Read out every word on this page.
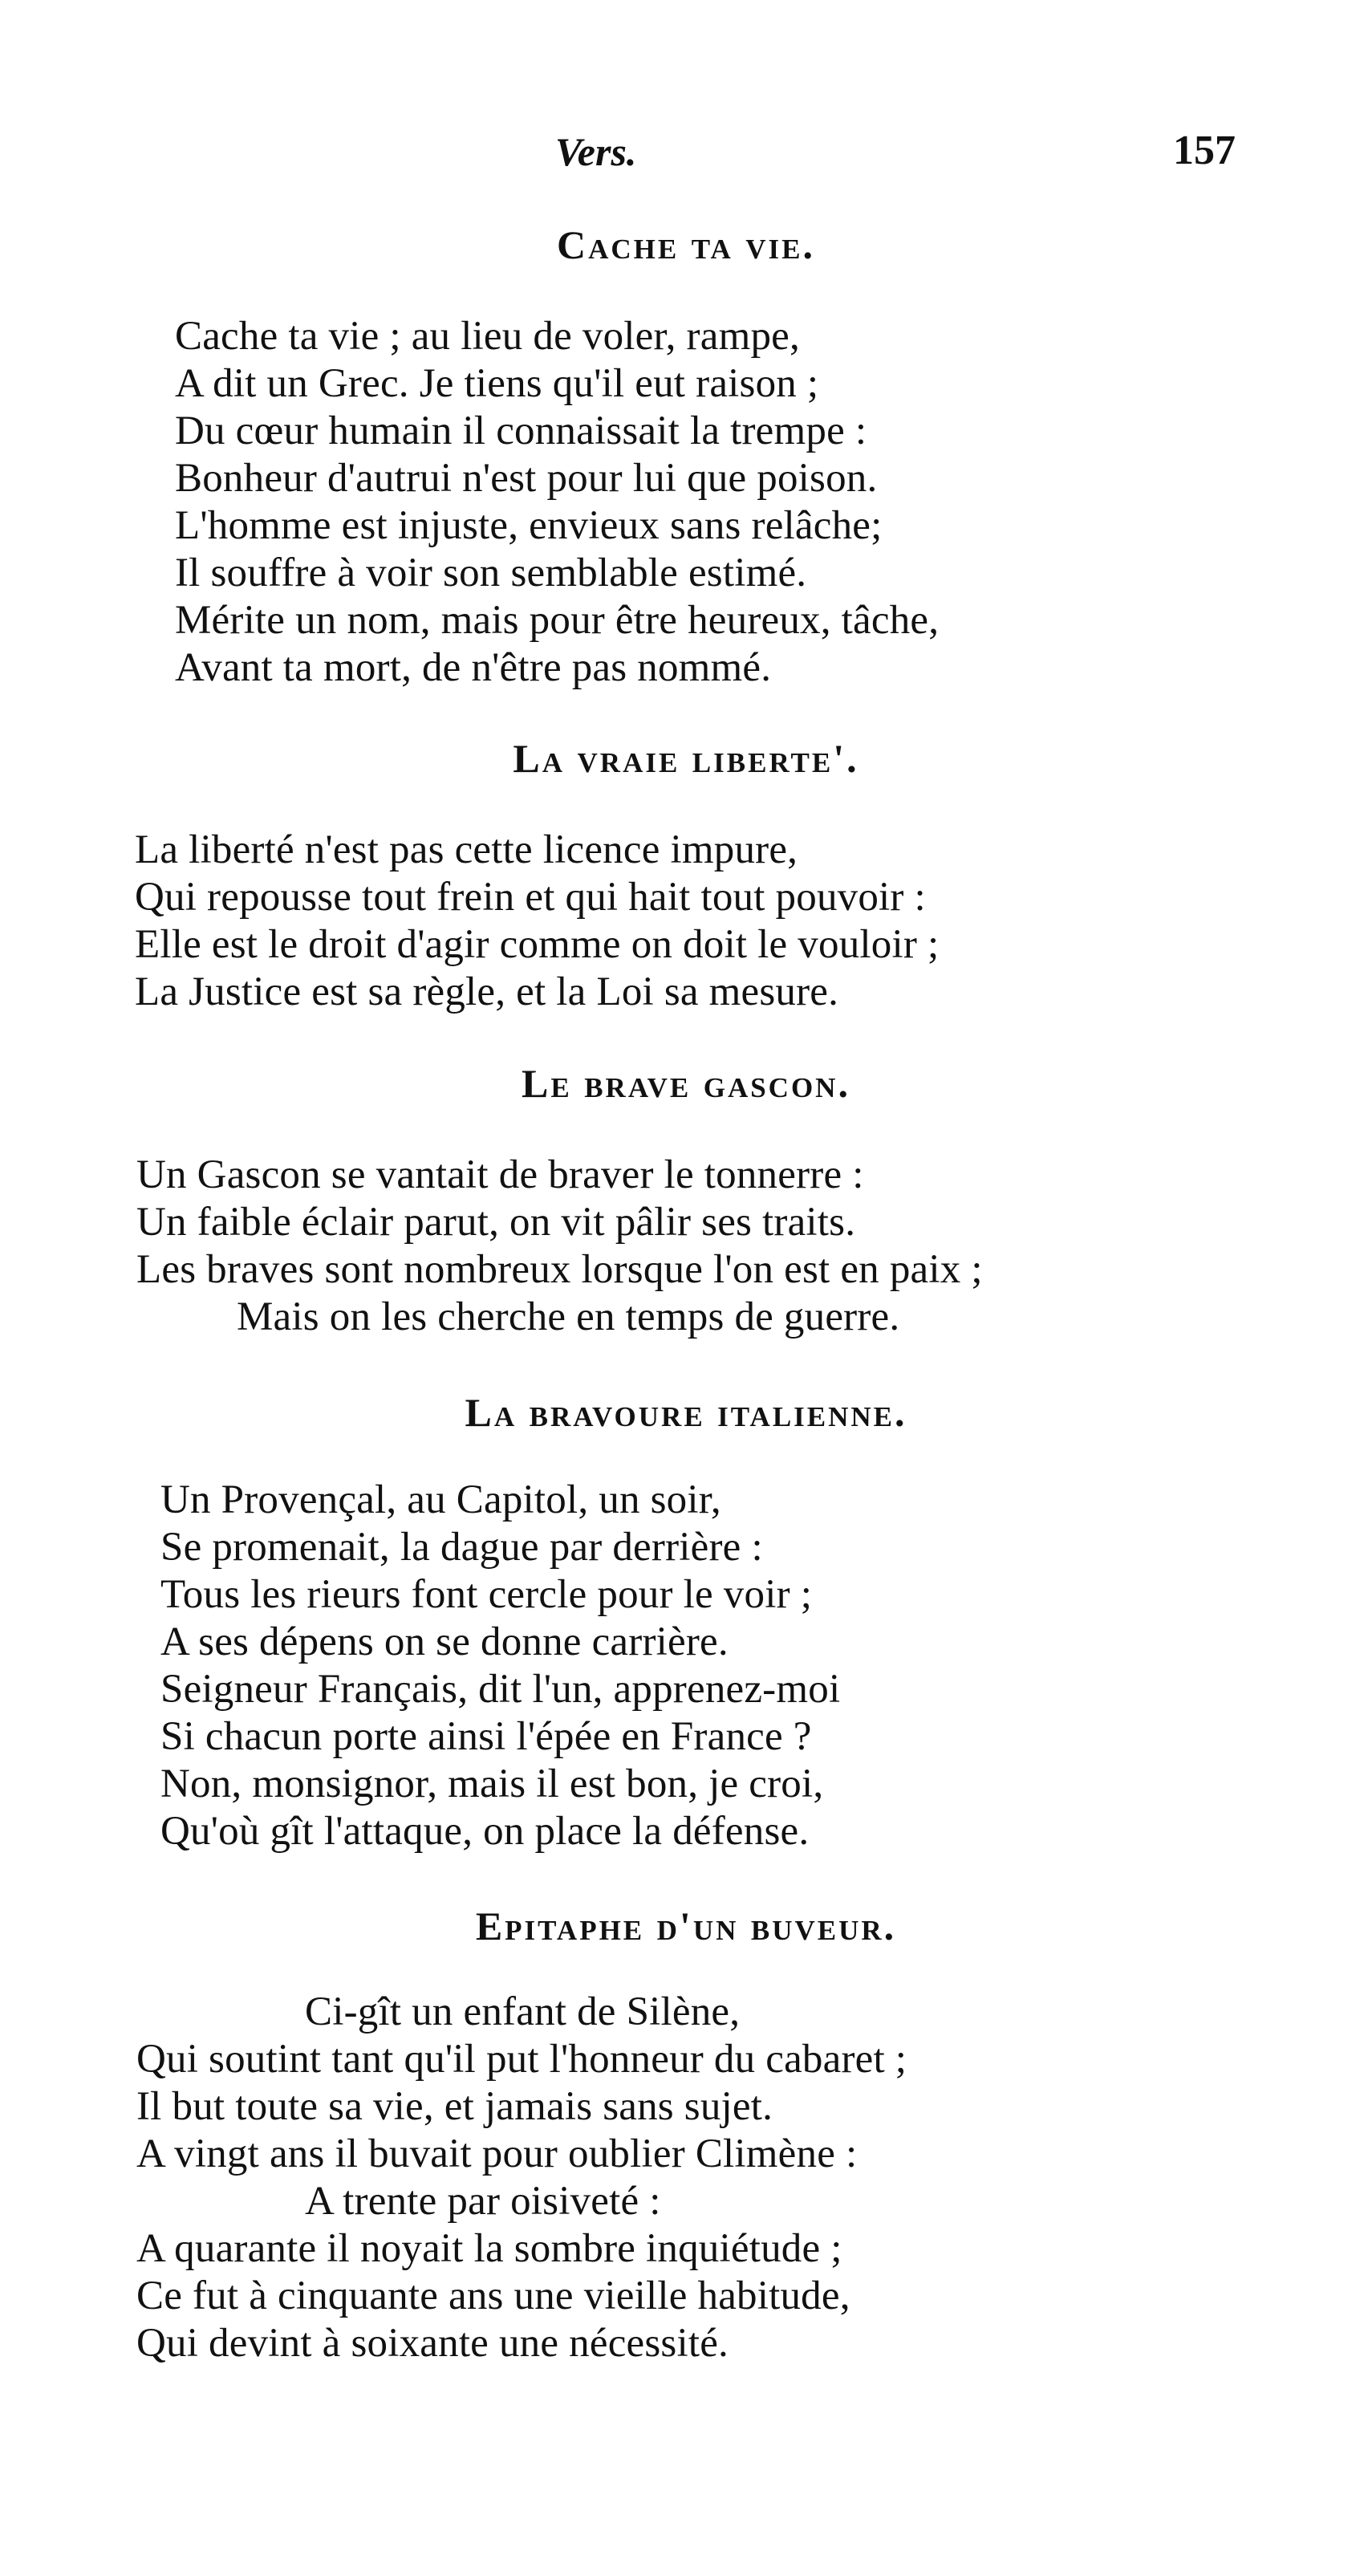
Vers.	157
Cache ta vie.
Cache ta vie ; au lieu de voler, rampe,
A dit un Grec. Je tiens qu'il eut raison ;
Du cœur humain il connaissait la trempe :
Bonheur d'autrui n'est pour lui que poison.
L'homme est injuste, envieux sans relâche;
Il souffre à voir son semblable estimé.
Mérite un nom, mais pour être heureux, tâche,
Avant ta mort, de n'être pas nommé.
La vraie liberte'.
La liberté n'est pas cette licence impure,
Qui repousse tout frein et qui hait tout pouvoir :
Elle est le droit d'agir comme on doit le vouloir ;
La Justice est sa règle, et la Loi sa mesure.
Le brave gascon.
Un Gascon se vantait de braver le tonnerre :
Un faible éclair parut, on vit pâlir ses traits.
Les braves sont nombreux lorsque l'on est en paix ;
Mais on les cherche en temps de guerre.
La bravoure italienne.
Un Provençal, au Capitol, un soir,
Se promenait, la dague par derrière :
Tous les rieurs font cercle pour le voir ;
A ses dépens on se donne carrière.
Seigneur Français, dit l'un, apprenez-moi
Si chacun porte ainsi l'épée en France ?
Non, monsignor, mais il est bon, je croi,
Qu'où gît l'attaque, on place la défense.
Epitaphe d'un buveur.
Ci-gît un enfant de Silène,
Qui soutint tant qu'il put l'honneur du cabaret ;
Il but toute sa vie, et jamais sans sujet.
A vingt ans il buvait pour oublier Climène :
A trente par oisiveté :
A quarante il noyait la sombre inquiétude ;
Ce fut à cinquante ans une vieille habitude,
Qui devint à soixante une nécessité.
